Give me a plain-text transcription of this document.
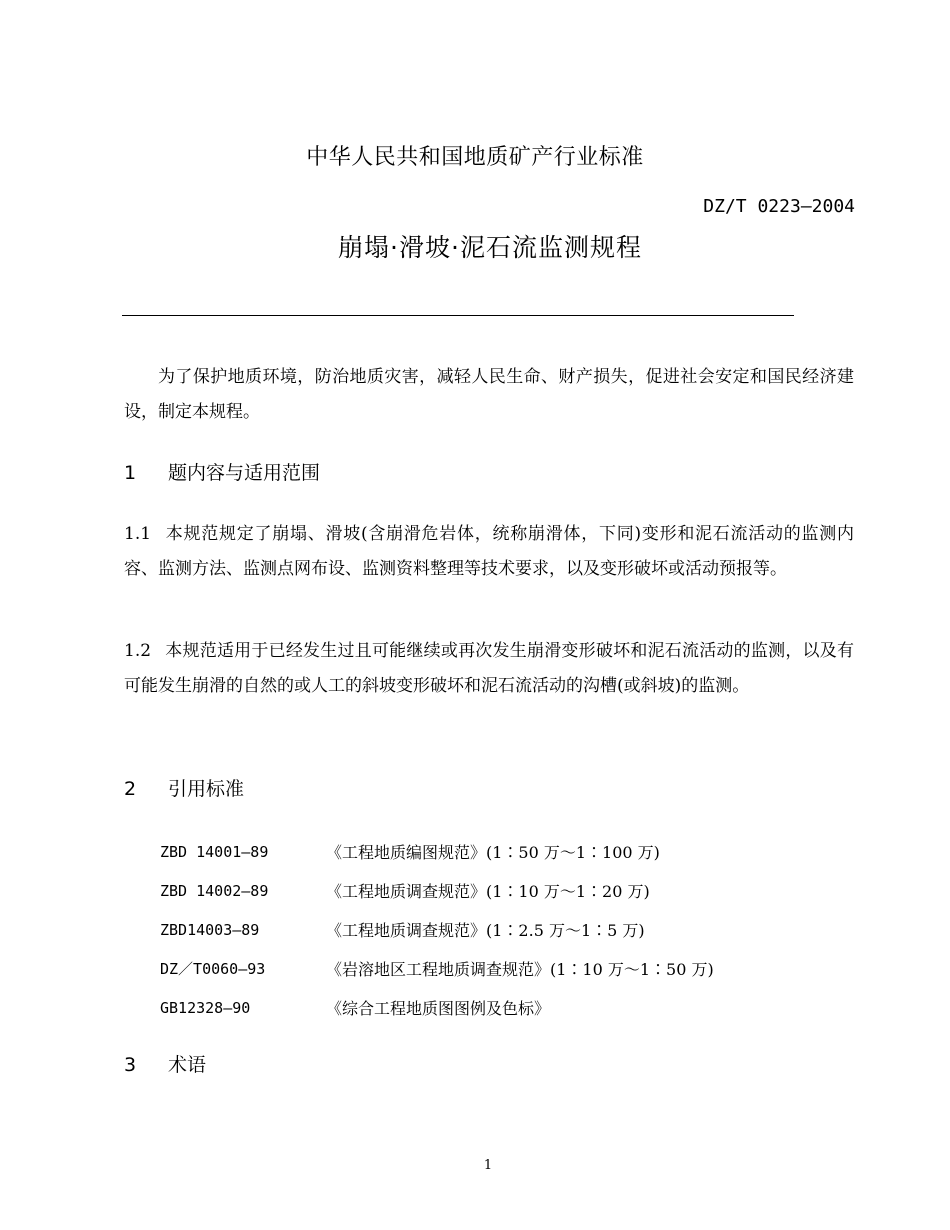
中华人民共和国地质矿产行业标准
DZ/T 0223—2004
崩塌·滑坡·泥石流监测规程
为了保护地质环境，防治地质灾害，减轻人民生命、财产损失，促进社会安定和国民经济建设，制定本规程。
1 题内容与适用范围
1.1 本规范规定了崩塌、滑坡(含崩滑危岩体，统称崩滑体，下同)变形和泥石流活动的监测内容、监测方法、监测点网布设、监测资料整理等技术要求，以及变形破坏或活动预报等。
1.2 本规范适用于已经发生过且可能继续或再次发生崩滑变形破坏和泥石流活动的监测，以及有可能发生崩滑的自然的或人工的斜坡变形破坏和泥石流活动的沟槽(或斜坡)的监测。
2 引用标准
ZBD 14001—89	《工程地质编图规范》(1∶50 万～1∶100 万)
ZBD 14002—89	《工程地质调查规范》(1∶10 万～1∶20 万)
ZBD14003—89	《工程地质调查规范》(1∶2.5 万～1∶5 万)
DZ／T0060—93	《岩溶地区工程地质调查规范》(1∶10 万～1∶50 万)
GB12328—90	《综合工程地质图图例及色标》
3 术语
1
